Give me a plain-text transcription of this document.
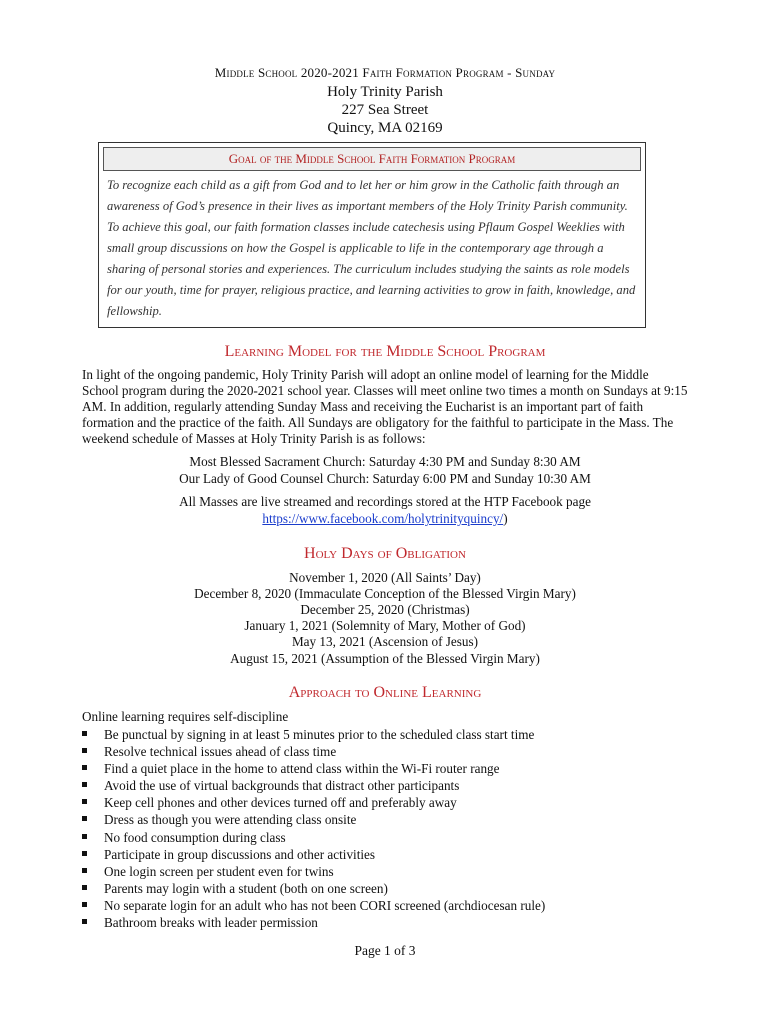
Middle School 2020-2021 Faith Formation Program - Sunday
Holy Trinity Parish
227 Sea Street
Quincy, MA 02169
Goal of the Middle School Faith Formation Program
To recognize each child as a gift from God and to let her or him grow in the Catholic faith through an awareness of God’s presence in their lives as important members of the Holy Trinity Parish community. To achieve this goal, our faith formation classes include catechesis using Pflaum Gospel Weeklies with small group discussions on how the Gospel is applicable to life in the contemporary age through a sharing of personal stories and experiences. The curriculum includes studying the saints as role models for our youth, time for prayer, religious practice, and learning activities to grow in faith, knowledge, and fellowship.
Learning Model for the Middle School Program
In light of the ongoing pandemic, Holy Trinity Parish will adopt an online model of learning for the Middle School program during the 2020-2021 school year. Classes will meet online two times a month on Sundays at 9:15 AM. In addition, regularly attending Sunday Mass and receiving the Eucharist is an important part of faith formation and the practice of the faith. All Sundays are obligatory for the faithful to participate in the Mass. The weekend schedule of Masses at Holy Trinity Parish is as follows:
Most Blessed Sacrament Church: Saturday 4:30 PM and Sunday 8:30 AM
Our Lady of Good Counsel Church: Saturday 6:00 PM and Sunday 10:30 AM
All Masses are live streamed and recordings stored at the HTP Facebook page
https://www.facebook.com/holytrinityquincy/)
Holy Days of Obligation
November 1, 2020 (All Saints’ Day)
December 8, 2020 (Immaculate Conception of the Blessed Virgin Mary)
December 25, 2020 (Christmas)
January 1, 2021 (Solemnity of Mary, Mother of God)
May 13, 2021 (Ascension of Jesus)
August 15, 2021 (Assumption of the Blessed Virgin Mary)
Approach to Online Learning
Online learning requires self-discipline
Be punctual by signing in at least 5 minutes prior to the scheduled class start time
Resolve technical issues ahead of class time
Find a quiet place in the home to attend class within the Wi-Fi router range
Avoid the use of virtual backgrounds that distract other participants
Keep cell phones and other devices turned off and preferably away
Dress as though you were attending class onsite
No food consumption during class
Participate in group discussions and other activities
One login screen per student even for twins
Parents may login with a student (both on one screen)
No separate login for an adult who has not been CORI screened (archdiocesan rule)
Bathroom breaks with leader permission
Page 1 of 3
